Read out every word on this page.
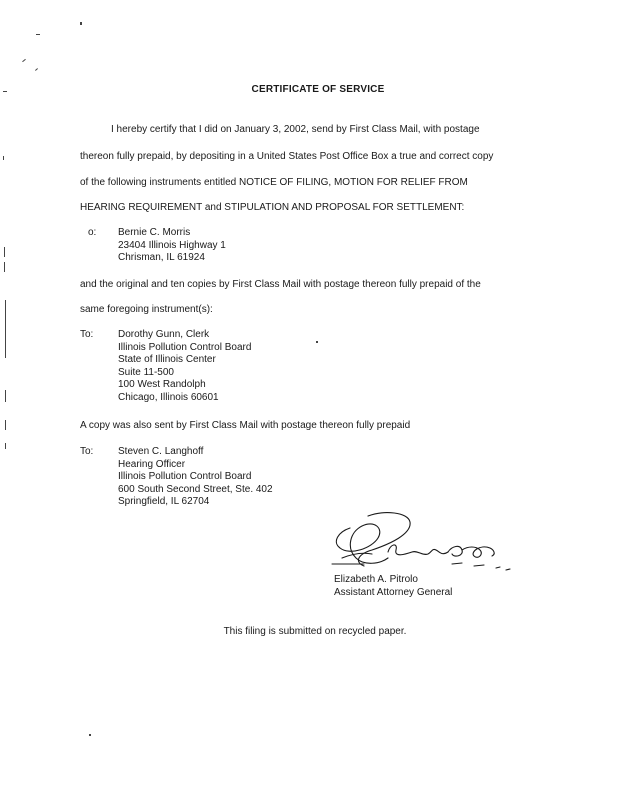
CERTIFICATE OF SERVICE
I hereby certify that I did on January 3, 2002, send by First Class Mail, with postage
thereon fully prepaid, by depositing in a United States Post Office Box a true and correct copy
of the following instruments entitled NOTICE OF FILING, MOTION FOR RELIEF FROM
HEARING REQUIREMENT and STIPULATION AND PROPOSAL FOR SETTLEMENT:
o: Bernie C. Morris
23404 Illinois Highway 1
Chrisman, IL 61924
and the original and ten copies by First Class Mail with postage thereon fully prepaid of the
same foregoing instrument(s):
To: Dorothy Gunn, Clerk
Illinois Pollution Control Board
State of Illinois Center
Suite 11-500
100 West Randolph
Chicago, Illinois 60601
A copy was also sent by First Class Mail with postage thereon fully prepaid
To: Steven C. Langhoff
Hearing Officer
Illinois Pollution Control Board
600 South Second Street, Ste. 402
Springfield, IL 62704
Elizabeth A. Pitrolo
Assistant Attorney General
This filing is submitted on recycled paper.
